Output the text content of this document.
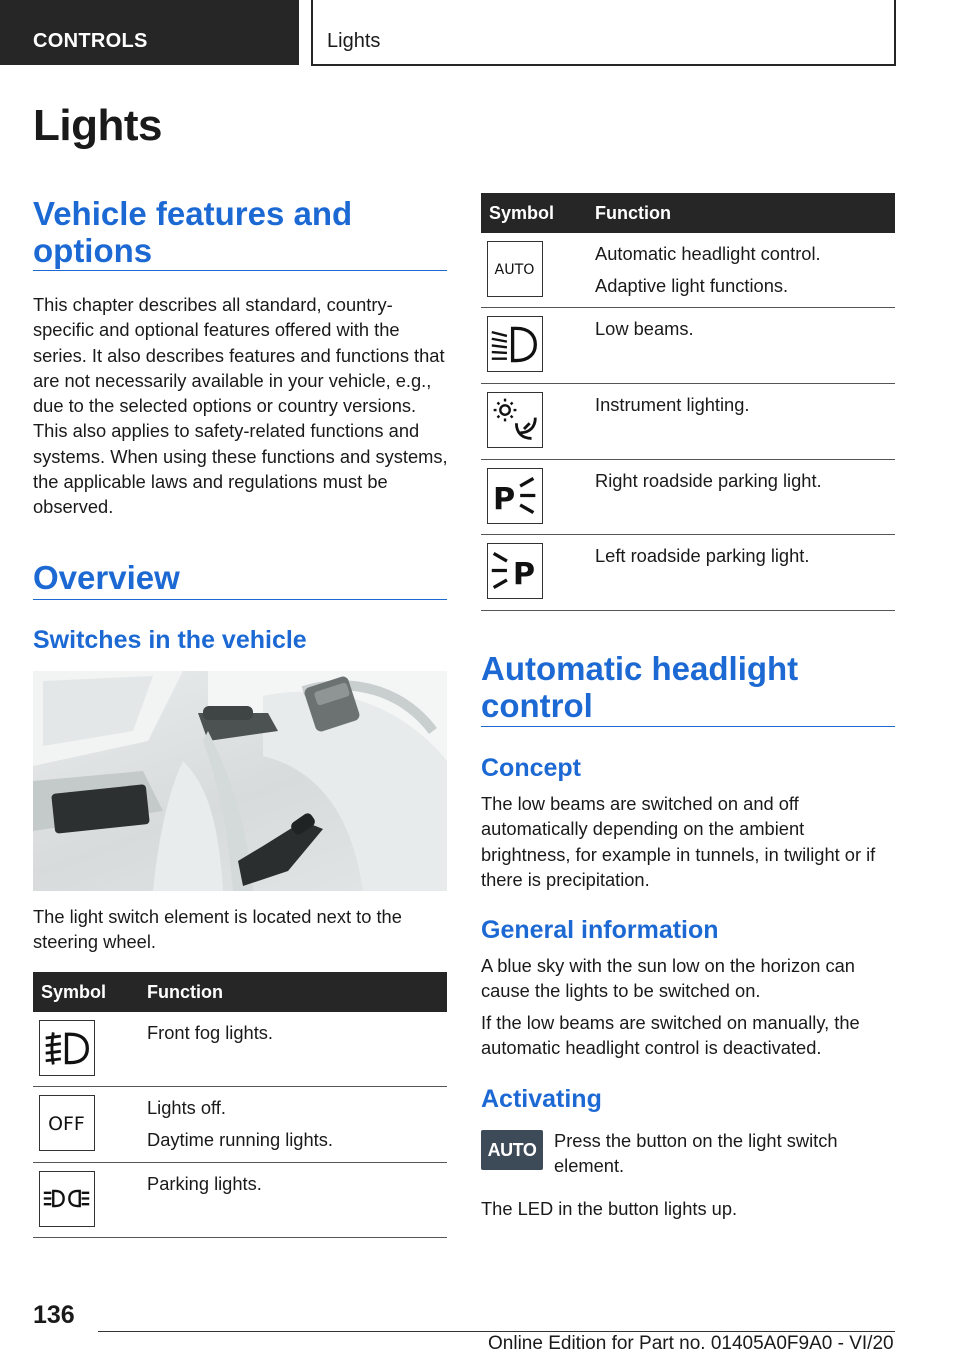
CONTROLS	Lights
Lights
Vehicle features and options
This chapter describes all standard, country-specific and optional features offered with the series. It also describes features and functions that are not necessarily available in your vehicle, e.g., due to the selected options or country versions. This also applies to safety-related functions and systems. When using these functions and systems, the applicable laws and regulations must be observed.
Overview
Switches in the vehicle
The light switch element is located next to the steering wheel.
Symbol Function
Front fog lights.
OFF
Lights off.
Daytime running lights.
Parking lights.
Symbol Function
AUTO
Automatic headlight control.
Adaptive light functions.
Low beams.
Instrument lighting.
P
Right roadside parking light.
P
Left roadside parking light.
Automatic headlight control
Concept
The low beams are switched on and off automatically depending on the ambient brightness, for example in tunnels, in twilight or if there is precipitation.
General information
A blue sky with the sun low on the horizon can cause the lights to be switched on.
If the low beams are switched on manually, the automatic headlight control is deactivated.
Activating
AUTO Press the button on the light switch element.
The LED in the button lights up.
136
Online Edition for Part no. 01405A0F9A0 - VI/20
